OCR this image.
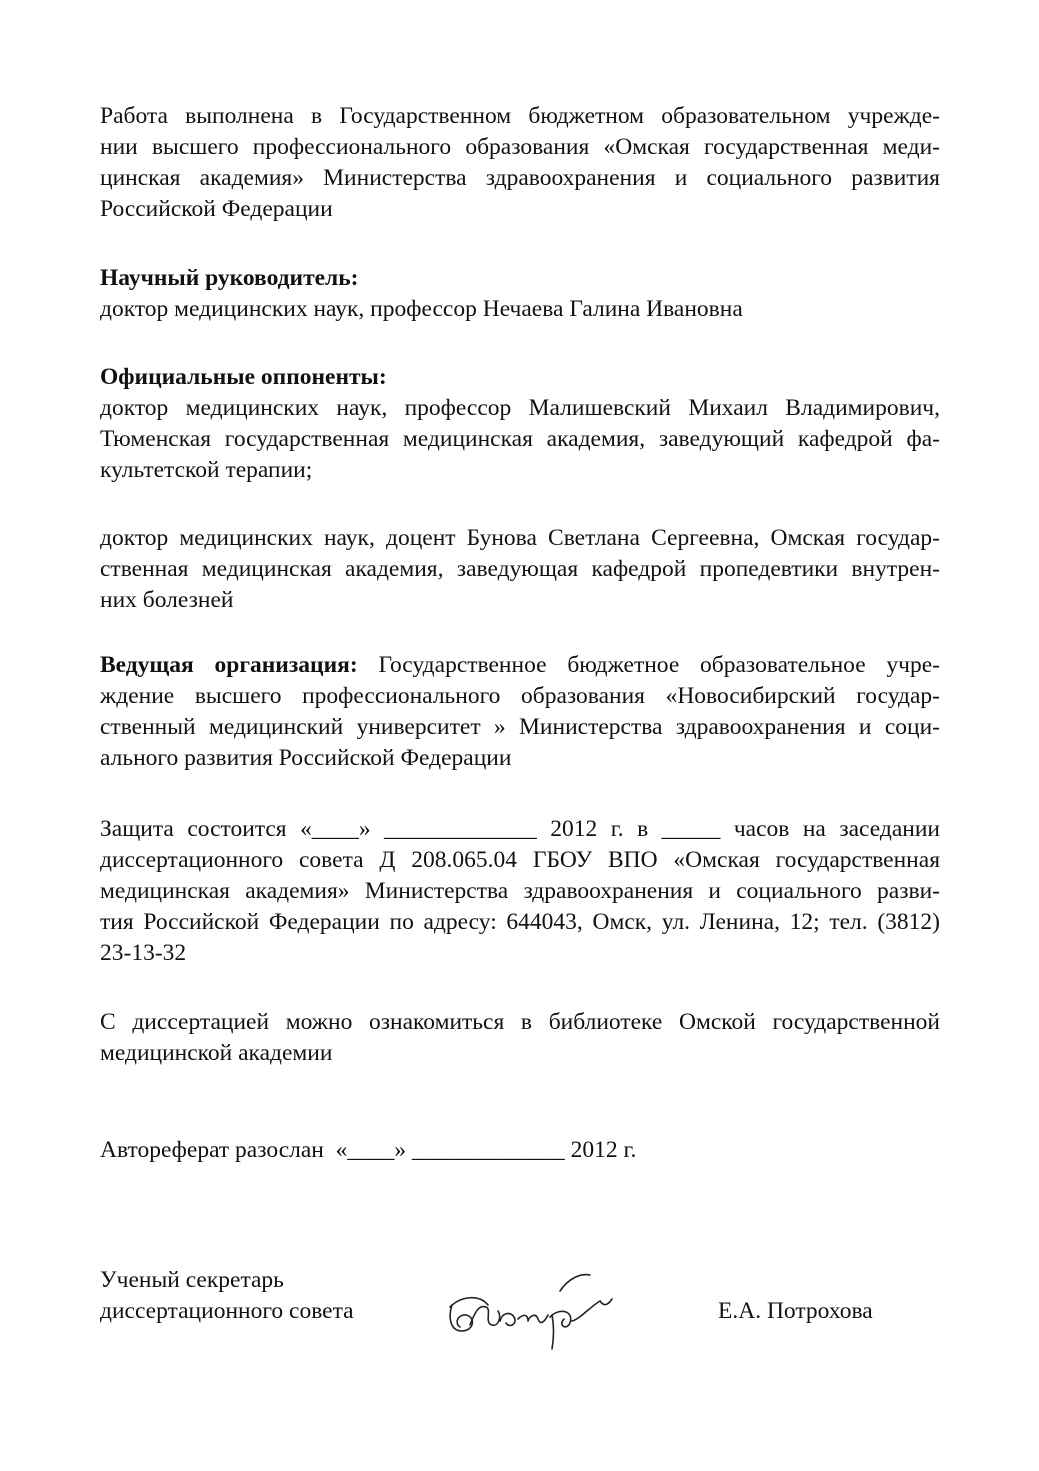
Работа выполнена в Государственном бюджетном образовательном учрежде-
нии высшего профессионального образования «Омская государственная меди-
цинская академия» Министерства здравоохранения и социального развития
Российской Федерации
Научный руководитель:
доктор медицинских наук, профессор Нечаева Галина Ивановна
Официальные оппоненты:
доктор медицинских наук, профессор Малишевский Михаил Владимирович,
Тюменская государственная медицинская академия, заведующий кафедрой фа-
культетской терапии;
доктор медицинских наук, доцент Бунова Светлана Сергеевна, Омская государ-
ственная медицинская академия, заведующая кафедрой пропедевтики внутрен-
них болезней
Ведущая организация: Государственное бюджетное образовательное учре-
ждение высшего профессионального образования «Новосибирский государ-
ственный медицинский университет » Министерства здравоохранения и соци-
ального развития Российской Федерации
Защита состоится «____» _____________ 2012 г. в _____ часов на заседании
диссертационного совета Д 208.065.04 ГБОУ ВПО «Омская государственная
медицинская академия» Министерства здравоохранения и социального разви-
тия Российской Федерации по адресу: 644043, Омск, ул. Ленина, 12; тел. (3812)
23-13-32
С диссертацией можно ознакомиться в библиотеке Омской государственной
медицинской академии
Автореферат разослан  «____» _____________ 2012 г.
Ученый секретарь
диссертационного совета	Е.А. Потрохова
